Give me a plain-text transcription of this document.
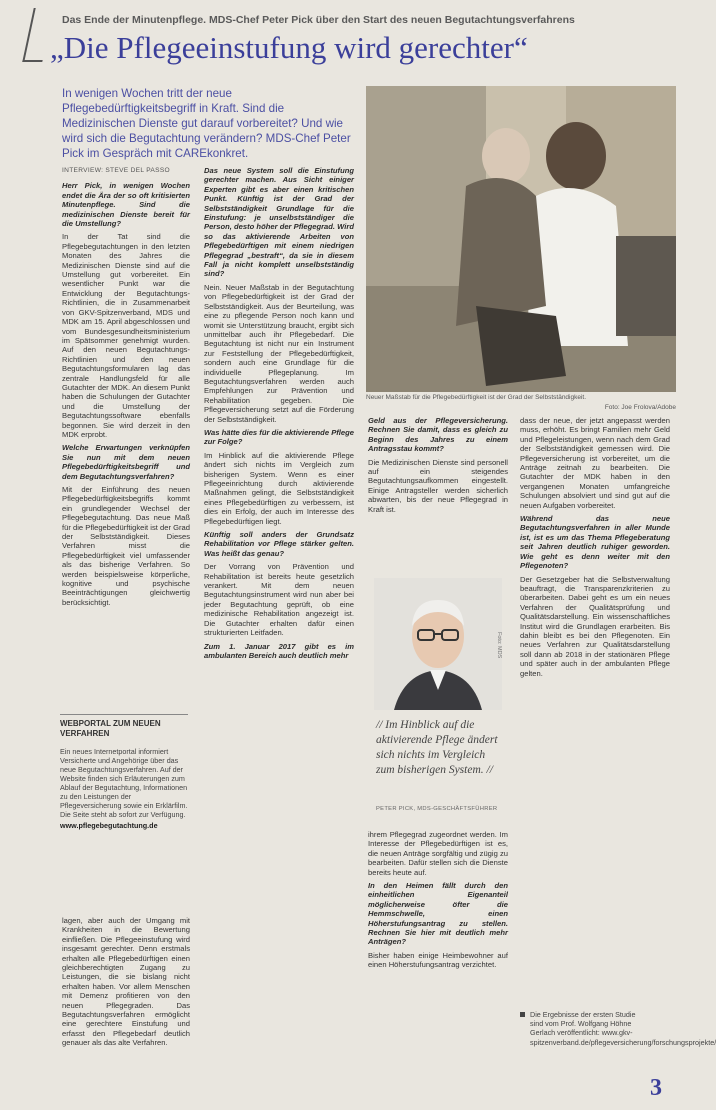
Das Ende der Minutenpflege. MDS-Chef Peter Pick über den Start des neuen Begutachtungsverfahrens
„Die Pflegeeinstufung wird gerechter“
In wenigen Wochen tritt der neue Pflegebedürftigkeitsbegriff in Kraft. Sind die Medizinischen Dienste gut darauf vorbereitet? Und wie wird sich die Begutachtung verändern? MDS-Chef Peter Pick im Gespräch mit CAREkonkret.
Neuer Maßstab für die Pflegebedürftigkeit ist der Grad der Selbstständigkeit.
Foto: Joe Frolova/Adobe

INTERVIEW: STEVE DEL PASSO

Herr Pick, in wenigen Wochen endet die Ära der so oft kritisierten Minutenpflege. Sind die medizinischen Dienste bereit für die Umstellung?

In der Tat sind die Pflegebegutachtungen in den letzten Monaten des Jahres die Medizinischen Dienste sind auf die Umstellung gut vorbereitet. Ein wesentlicher Punkt war die Entwicklung der Begutachtungs-Richtlinien, die in Zusammenarbeit von GKV-Spitzenverband, MDS und MDK am 15. April abgeschlossen und vom Bundesgesundheitsministerium im Spätsommer genehmigt wurden. Auf den neuen Begutachtungs-Richtlinien und den neuen Begutachtungsformularen lag das zentrale Handlungsfeld für alle Gutachter der MDK. An diesem Punkt haben die Schulungen der Gutachter und die Umstellung der Begutachtungssoftware ebenfalls begonnen. Sie wird derzeit in den MDK erprobt.

Welche Erwartungen verknüpfen Sie nun mit dem neuen Pflegebedürftigkeitsbegriff und dem Begutachtungsverfahren?

Mit der Einführung des neuen Pflegebedürftigkeitsbegriffs kommt ein grundlegender Wechsel der Pflegebegutachtung. Das neue Maß für die Pflegebedürftigkeit ist der Grad der Selbstständigkeit. Dieses Verfahren misst die Pflegebedürftigkeit viel umfassender als das bisherige Verfahren. So werden beispielsweise körperliche, kognitive und psychische Beeinträchtigungen gleichwertig berücksichtigt.

WEBPORTAL ZUM NEUEN VERFAHREN
Ein neues Internetportal informiert Versicherte und Angehörige über das neue Begutachtungsverfahren. Auf der Website finden sich Erläuterungen zum Ablauf der Begutachtung, Informationen zu den Leistungen der Pflegeversicherung sowie ein Erklärfilm. Die Seite steht ab sofort zur Verfügung.
www.pflegebegutachtung.de

lagen, aber auch der Umgang mit Krankheiten in die Bewertung einfließen. Die Pflegeeinstufung wird insgesamt gerechter. Denn erstmals erhalten alle Pflegebedürftigen einen gleichberechtigten Zugang zu Leistungen, die sie bislang nicht erhalten haben. Vor allem Menschen mit Demenz profitieren von den neuen Pflegegraden. Das Begutachtungsverfahren ermöglicht eine gerechtere Einstufung und erfasst den Pflegebedarf deutlich genauer als das alte Verfahren.

Das neue System soll die Einstufung gerechter machen. Aus Sicht einiger Experten gibt es aber einen kritischen Punkt. Künftig ist der Grad der Selbstständigkeit Grundlage für die Einstufung: je unselbstständiger die Person, desto höher der Pflegegrad. Wird so das aktivierende Arbeiten von Pflegebedürftigen mit einem niedrigen Pflegegrad „bestraft“, da sie in diesem Fall ja nicht komplett unselbstständig sind?

Nein. Neuer Maßstab in der Begutachtung von Pflegebedürftigkeit ist der Grad der Selbstständigkeit. Aus der Beurteilung, was eine zu pflegende Person noch kann und womit sie Unterstützung braucht, ergibt sich unmittelbar auch ihr Pflegebedarf. Die Begutachtung ist nicht nur ein Instrument zur Feststellung der Pflegebedürftigkeit, sondern auch eine Grundlage für die individuelle Pflegeplanung. Im Begutachtungsverfahren werden auch Empfehlungen zur Prävention und Rehabilitation gegeben. Die Pflegeversicherung setzt auf die Förderung der Selbstständigkeit.

Was hätte dies für die aktivierende Pflege zur Folge?

Im Hinblick auf die aktivierende Pflege ändert sich nichts im Vergleich zum bisherigen System. Wenn es einer Pflegeeinrichtung durch aktivierende Maßnahmen gelingt, die Selbstständigkeit eines Pflegebedürftigen zu verbessern, ist dies ein Erfolg, der auch im Interesse des Pflegebedürftigen liegt.

Künftig soll anders der Grundsatz Rehabilitation vor Pflege stärker gelten. Was heißt das genau?

Der Vorrang von Prävention und Rehabilitation ist bereits heute gesetzlich verankert. Mit dem neuen Begutachtungsinstrument wird nun aber bei jeder Begutachtung geprüft, ob eine medizinische Rehabilitation angezeigt ist. Die Gutachter erhalten dafür einen strukturierten Leitfaden.

Zum 1. Januar 2017 gibt es im ambulanten Bereich auch deutlich mehr

Geld aus der Pflegeversicherung. Rechnen Sie damit, dass es gleich zu Beginn des Jahres zu einem Antragsstau kommt?

Die Medizinischen Dienste sind personell auf ein steigendes Begutachtungsaufkommen eingestellt. Einige Antragsteller werden sicherlich abwarten, bis der neue Pflegegrad in Kraft ist.

Foto: MDS
// Im Hinblick auf die aktivierende Pflege ändert sich nichts im Vergleich zum bisherigen System. //
PETER PICK, MDS-GESCHÄFTSFÜHRER

ihrem Pflegegrad zugeordnet werden. Im Interesse der Pflegebedürftigen ist es, die neuen Anträge sorgfältig und zügig zu bearbeiten. Dafür stellen sich die Dienste bereits heute auf.

In den Heimen fällt durch den einheitlichen Eigenanteil möglicherweise öfter die Hemmschwelle, einen Höherstufungsantrag zu stellen. Rechnen Sie hier mit deutlich mehr Anträgen?

Bisher haben einige Heimbewohner auf einen Höherstufungsantrag verzichtet.

dass der neue, der jetzt angepasst werden muss, erhöht. Es bringt Familien mehr Geld und Pflegeleistungen, wenn nach dem Grad der Selbstständigkeit gemessen wird. Die Pflegeversicherung ist vorbereitet, um die Anträge zeitnah zu bearbeiten. Die Gutachter der MDK haben in den vergangenen Monaten umfangreiche Schulungen absolviert und sind gut auf die neuen Aufgaben vorbereitet.

Während das neue Begutachtungsverfahren in aller Munde ist, ist es um das Thema Pflegeberatung seit Jahren deutlich ruhiger geworden. Wie geht es denn weiter mit den Pflegenoten?

Der Gesetzgeber hat die Selbstverwaltung beauftragt, die Transparenzkriterien zu überarbeiten. Dabei geht es um ein neues Verfahren der Qualitätsprüfung und Qualitätsdarstellung. Ein wissenschaftliches Institut wird die Grundlagen erarbeiten. Bis dahin bleibt es bei den Pflegenoten. Ein neues Verfahren zur Qualitätsdarstellung soll dann ab 2018 in der stationären Pflege und später auch in der ambulanten Pflege gelten.

Die Ergebnisse der ersten Studie sind vom Prof. Wolfgang Höhne Gerlach veröffentlicht: www.gkv-spitzenverband.de/pflegeversicherung/forschungsprojekte/
3
